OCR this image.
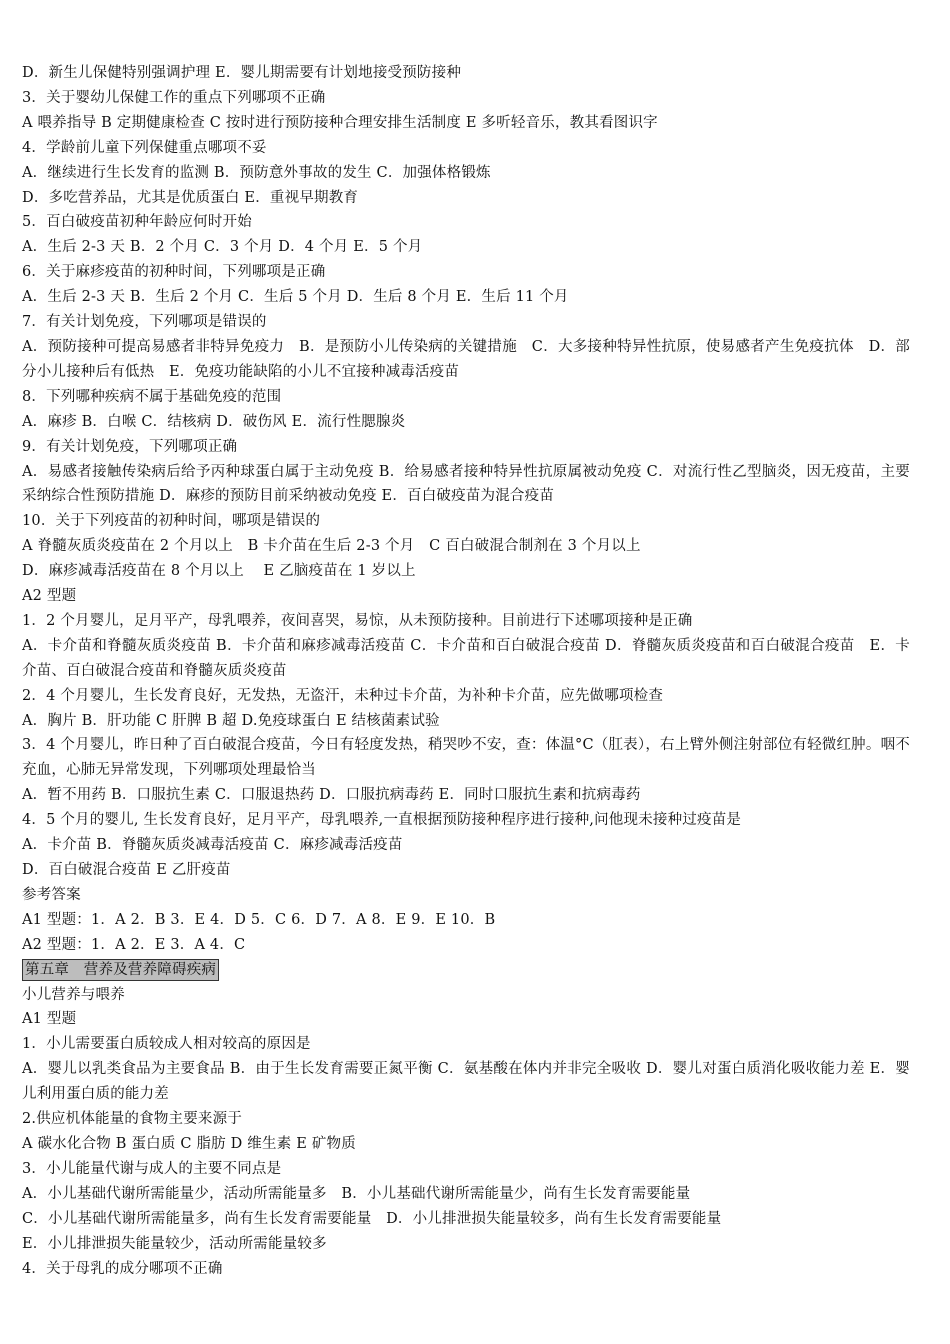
D．新生儿保健特别强调护理 E．婴儿期需要有计划地接受预防接种
3．关于婴幼儿保健工作的重点下列哪项不正确
A 喂养指导 B 定期健康检查 C 按时进行预防接种合理安排生活制度 E 多听轻音乐，教其看图识字
4．学龄前儿童下列保健重点哪项不妥
A．继续进行生长发育的监测 B．预防意外事故的发生 C．加强体格锻炼
D．多吃营养品，尤其是优质蛋白 E．重视早期教育
5．百白破疫苗初种年龄应何时开始
A．生后 2-3 天 B．2 个月 C．3 个月 D．4 个月 E．5 个月
6．关于麻疹疫苗的初种时间，下列哪项是正确
A．生后 2-3 天 B．生后 2 个月 C．生后 5 个月 D．生后 8 个月 E．生后 11 个月
7．有关计划免疫，下列哪项是错误的
A．预防接种可提高易感者非特异免疫力　B．是预防小儿传染病的关键措施　C．大多接种特异性抗原，使易感者产生免疫抗体　D．部分小儿接种后有低热　E．免疫功能缺陷的小儿不宜接种减毒活疫苗
8．下列哪种疾病不属于基础免疫的范围
A．麻疹 B．白喉 C．结核病 D．破伤风 E．流行性腮腺炎
9．有关计划免疫，下列哪项正确
A．易感者接触传染病后给予丙种球蛋白属于主动免疫 B．给易感者接种特异性抗原属被动免疫 C．对流行性乙型脑炎，因无疫苗，主要采纳综合性预防措施 D．麻疹的预防目前采纳被动免疫 E．百白破疫苗为混合疫苗
10．关于下列疫苗的初种时间，哪项是错误的
A 脊髓灰质炎疫苗在 2 个月以上　B 卡介苗在生后 2-3 个月　C 百白破混合制剂在 3 个月以上
D．麻疹减毒活疫苗在 8 个月以上　 E 乙脑疫苗在 1 岁以上
A2 型题
1．2 个月婴儿，足月平产，母乳喂养，夜间喜哭，易惊，从未预防接种。目前进行下述哪项接种是正确
A．卡介苗和脊髓灰质炎疫苗 B．卡介苗和麻疹减毒活疫苗 C．卡介苗和百白破混合疫苗 D．脊髓灰质炎疫苗和百白破混合疫苗　E．卡介苗、百白破混合疫苗和脊髓灰质炎疫苗
2．4 个月婴儿，生长发育良好，无发热，无盗汗，未种过卡介苗，为补种卡介苗，应先做哪项检查
A．胸片 B．肝功能 C 肝脾 B 超 D.免疫球蛋白 E 结核菌素试验
3．4 个月婴儿，昨日种了百白破混合疫苗，今日有轻度发热，稍哭吵不安，查：体温°C（肛表），右上臂外侧注射部位有轻微红肿。咽不充血，心肺无异常发现，下列哪项处理最恰当
A．暂不用药 B．口服抗生素 C．口服退热药 D．口服抗病毒药 E．同时口服抗生素和抗病毒药
4．5 个月的婴儿, 生长发育良好，足月平产，母乳喂养,一直根据预防接种程序进行接种,问他现未接种过疫苗是
A．卡介苗 B．脊髓灰质炎减毒活疫苗 C．麻疹减毒活疫苗
D．百白破混合疫苗 E 乙肝疫苗
参考答案
A1 型题：1．A 2．B 3．E 4．D 5．C 6．D 7．A 8．E 9．E 10．B
A2 型题：1．A 2．E 3．A 4．C
第五章　营养及营养障碍疾病
小儿营养与喂养
A1 型题
1．小儿需要蛋白质较成人相对较高的原因是
A．婴儿以乳类食品为主要食品 B．由于生长发育需要正氮平衡 C．氨基酸在体内并非完全吸收 D．婴儿对蛋白质消化吸收能力差 E．婴儿利用蛋白质的能力差
2.供应机体能量的食物主要来源于
A 碳水化合物 B 蛋白质 C 脂肪 D 维生素 E 矿物质
3．小儿能量代谢与成人的主要不同点是
A．小儿基础代谢所需能量少，活动所需能量多　B．小儿基础代谢所需能量少，尚有生长发育需要能量
C．小儿基础代谢所需能量多，尚有生长发育需要能量　D．小儿排泄损失能量较多，尚有生长发育需要能量
E．小儿排泄损失能量较少，活动所需能量较多
4．关于母乳的成分哪项不正确
